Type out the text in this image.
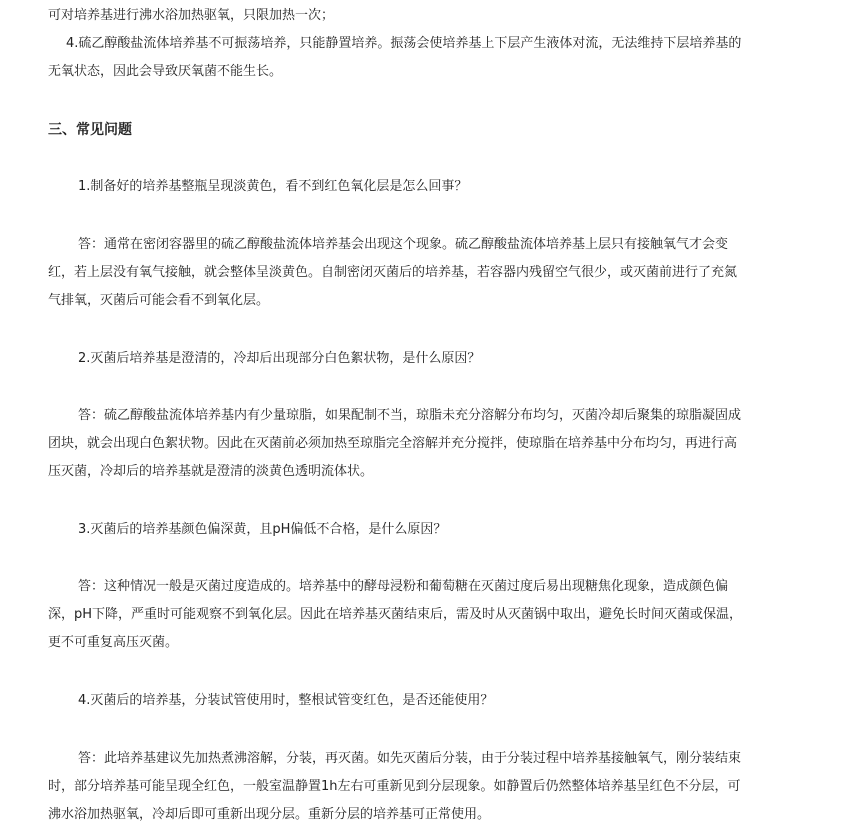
可对培养基进行沸水浴加热驱氧，只限加热一次；
4.硫乙醇酸盐流体培养基不可振荡培养，只能静置培养。振荡会使培养基上下层产生液体对流，无法维持下层培养基的
无氧状态，因此会导致厌氧菌不能生长。
三、常见问题
1.制备好的培养基整瓶呈现淡黄色，看不到红色氧化层是怎么回事？
答：通常在密闭容器里的硫乙醇酸盐流体培养基会出现这个现象。硫乙醇酸盐流体培养基上层只有接触氧气才会变
红，若上层没有氧气接触，就会整体呈淡黄色。自制密闭灭菌后的培养基，若容器内残留空气很少，或灭菌前进行了充氮
气排氧，灭菌后可能会看不到氧化层。
2.灭菌后培养基是澄清的，冷却后出现部分白色絮状物，是什么原因？
答：硫乙醇酸盐流体培养基内有少量琼脂，如果配制不当，琼脂未充分溶解分布均匀，灭菌冷却后聚集的琼脂凝固成
团块，就会出现白色絮状物。因此在灭菌前必须加热至琼脂完全溶解并充分搅拌，使琼脂在培养基中分布均匀，再进行高
压灭菌，冷却后的培养基就是澄清的淡黄色透明流体状。
3.灭菌后的培养基颜色偏深黄，且pH偏低不合格，是什么原因？
答：这种情况一般是灭菌过度造成的。培养基中的酵母浸粉和葡萄糖在灭菌过度后易出现糖焦化现象，造成颜色偏
深，pH下降，严重时可能观察不到氧化层。因此在培养基灭菌结束后，需及时从灭菌锅中取出，避免长时间灭菌或保温，
更不可重复高压灭菌。
4.灭菌后的培养基，分装试管使用时，整根试管变红色，是否还能使用？
答：此培养基建议先加热煮沸溶解，分装，再灭菌。如先灭菌后分装，由于分装过程中培养基接触氧气，刚分装结束
时，部分培养基可能呈现全红色，一般室温静置1h左右可重新见到分层现象。如静置后仍然整体培养基呈红色不分层，可
沸水浴加热驱氧，冷却后即可重新出现分层。重新分层的培养基可正常使用。
